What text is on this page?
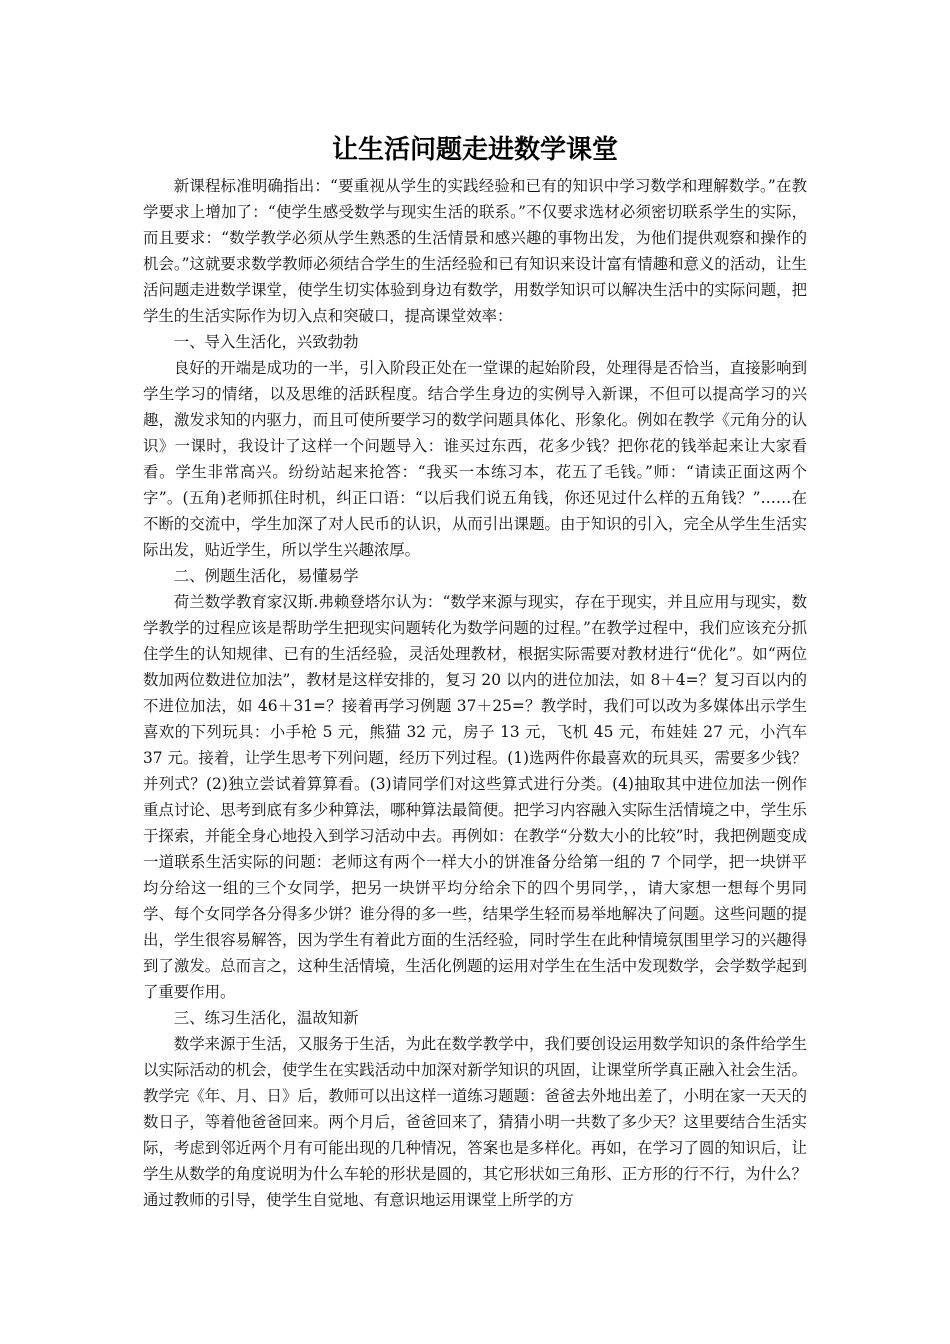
让生活问题走进数学课堂

新课程标准明确指出：“要重视从学生的实践经验和已有的知识中学习数学和理解数学。”在教学要求上增加了：“使学生感受数学与现实生活的联系。”不仅要求选材必须密切联系学生的实际，而且要求：“数学教学必须从学生熟悉的生活情景和感兴趣的事物出发，为他们提供观察和操作的机会。”这就要求数学教师必须结合学生的生活经验和已有知识来设计富有情趣和意义的活动，让生活问题走进数学课堂，使学生切实体验到身边有数学，用数学知识可以解决生活中的实际问题，把学生的生活实际作为切入点和突破口，提高课堂效率：

一、导入生活化，兴致勃勃

良好的开端是成功的一半，引入阶段正处在一堂课的起始阶段，处理得是否恰当，直接影响到学生学习的情绪，以及思维的活跃程度。结合学生身边的实例导入新课，不但可以提高学习的兴趣，激发求知的内驱力，而且可使所要学习的数学问题具体化、形象化。例如在教学《元角分的认识》一课时，我设计了这样一个问题导入：谁买过东西，花多少钱？把你花的钱举起来让大家看看。学生非常高兴。纷纷站起来抢答：“我买一本练习本，花五了毛钱。”师：“请读正面这两个字”。(五角)老师抓住时机，纠正口语：“以后我们说五角钱，你还见过什么样的五角钱？”……在不断的交流中，学生加深了对人民币的认识，从而引出课题。由于知识的引入，完全从学生生活实际出发，贴近学生，所以学生兴趣浓厚。

二、例题生活化，易懂易学

荷兰数学教育家汉斯.弗赖登塔尔认为：“数学来源与现实，存在于现实，并且应用与现实，数学教学的过程应该是帮助学生把现实问题转化为数学问题的过程。”在教学过程中，我们应该充分抓住学生的认知规律、已有的生活经验，灵活处理教材，根据实际需要对教材进行“优化”。如“两位数加两位数进位加法”，教材是这样安排的，复习 20 以内的进位加法，如 8＋4=？复习百以内的不进位加法，如 46＋31=？接着再学习例题 37＋25=？教学时，我们可以改为多媒体出示学生喜欢的下列玩具：小手枪 5 元，熊猫 32 元，房子 13 元，飞机 45 元，布娃娃 27 元，小汽车 37 元。接着，让学生思考下列问题，经历下列过程。(1)选两件你最喜欢的玩具买，需要多少钱？并列式？(2)独立尝试着算算看。(3)请同学们对这些算式进行分类。(4)抽取其中进位加法一例作重点讨论、思考到底有多少种算法，哪种算法最简便。把学习内容融入实际生活情境之中，学生乐于探索，并能全身心地投入到学习活动中去。再例如：在教学“分数大小的比较”时，我把例题变成一道联系生活实际的问题：老师这有两个一样大小的饼准备分给第一组的 7 个同学，把一块饼平均分给这一组的三个女同学，把另一块饼平均分给余下的四个男同学，，请大家想一想每个男同学、每个女同学各分得多少饼？谁分得的多一些，结果学生轻而易举地解决了问题。这些问题的提出，学生很容易解答，因为学生有着此方面的生活经验，同时学生在此种情境氛围里学习的兴趣得到了激发。总而言之，这种生活情境，生活化例题的运用对学生在生活中发现数学，会学数学起到了重要作用。

三、练习生活化，温故知新

数学来源于生活，又服务于生活，为此在数学教学中，我们要创设运用数学知识的条件给学生以实际活动的机会，使学生在实践活动中加深对新学知识的巩固，让课堂所学真正融入社会生活。教学完《年、月、日》后，教师可以出这样一道练习题题：爸爸去外地出差了，小明在家一天天的数日子，等着他爸爸回来。两个月后，爸爸回来了，猜猜小明一共数了多少天？这里要结合生活实际，考虑到邻近两个月有可能出现的几种情况，答案也是多样化。再如，在学习了圆的知识后，让学生从数学的角度说明为什么车轮的形状是圆的，其它形状如三角形、正方形的行不行，为什么？通过教师的引导，使学生自觉地、有意识地运用课堂上所学的方
